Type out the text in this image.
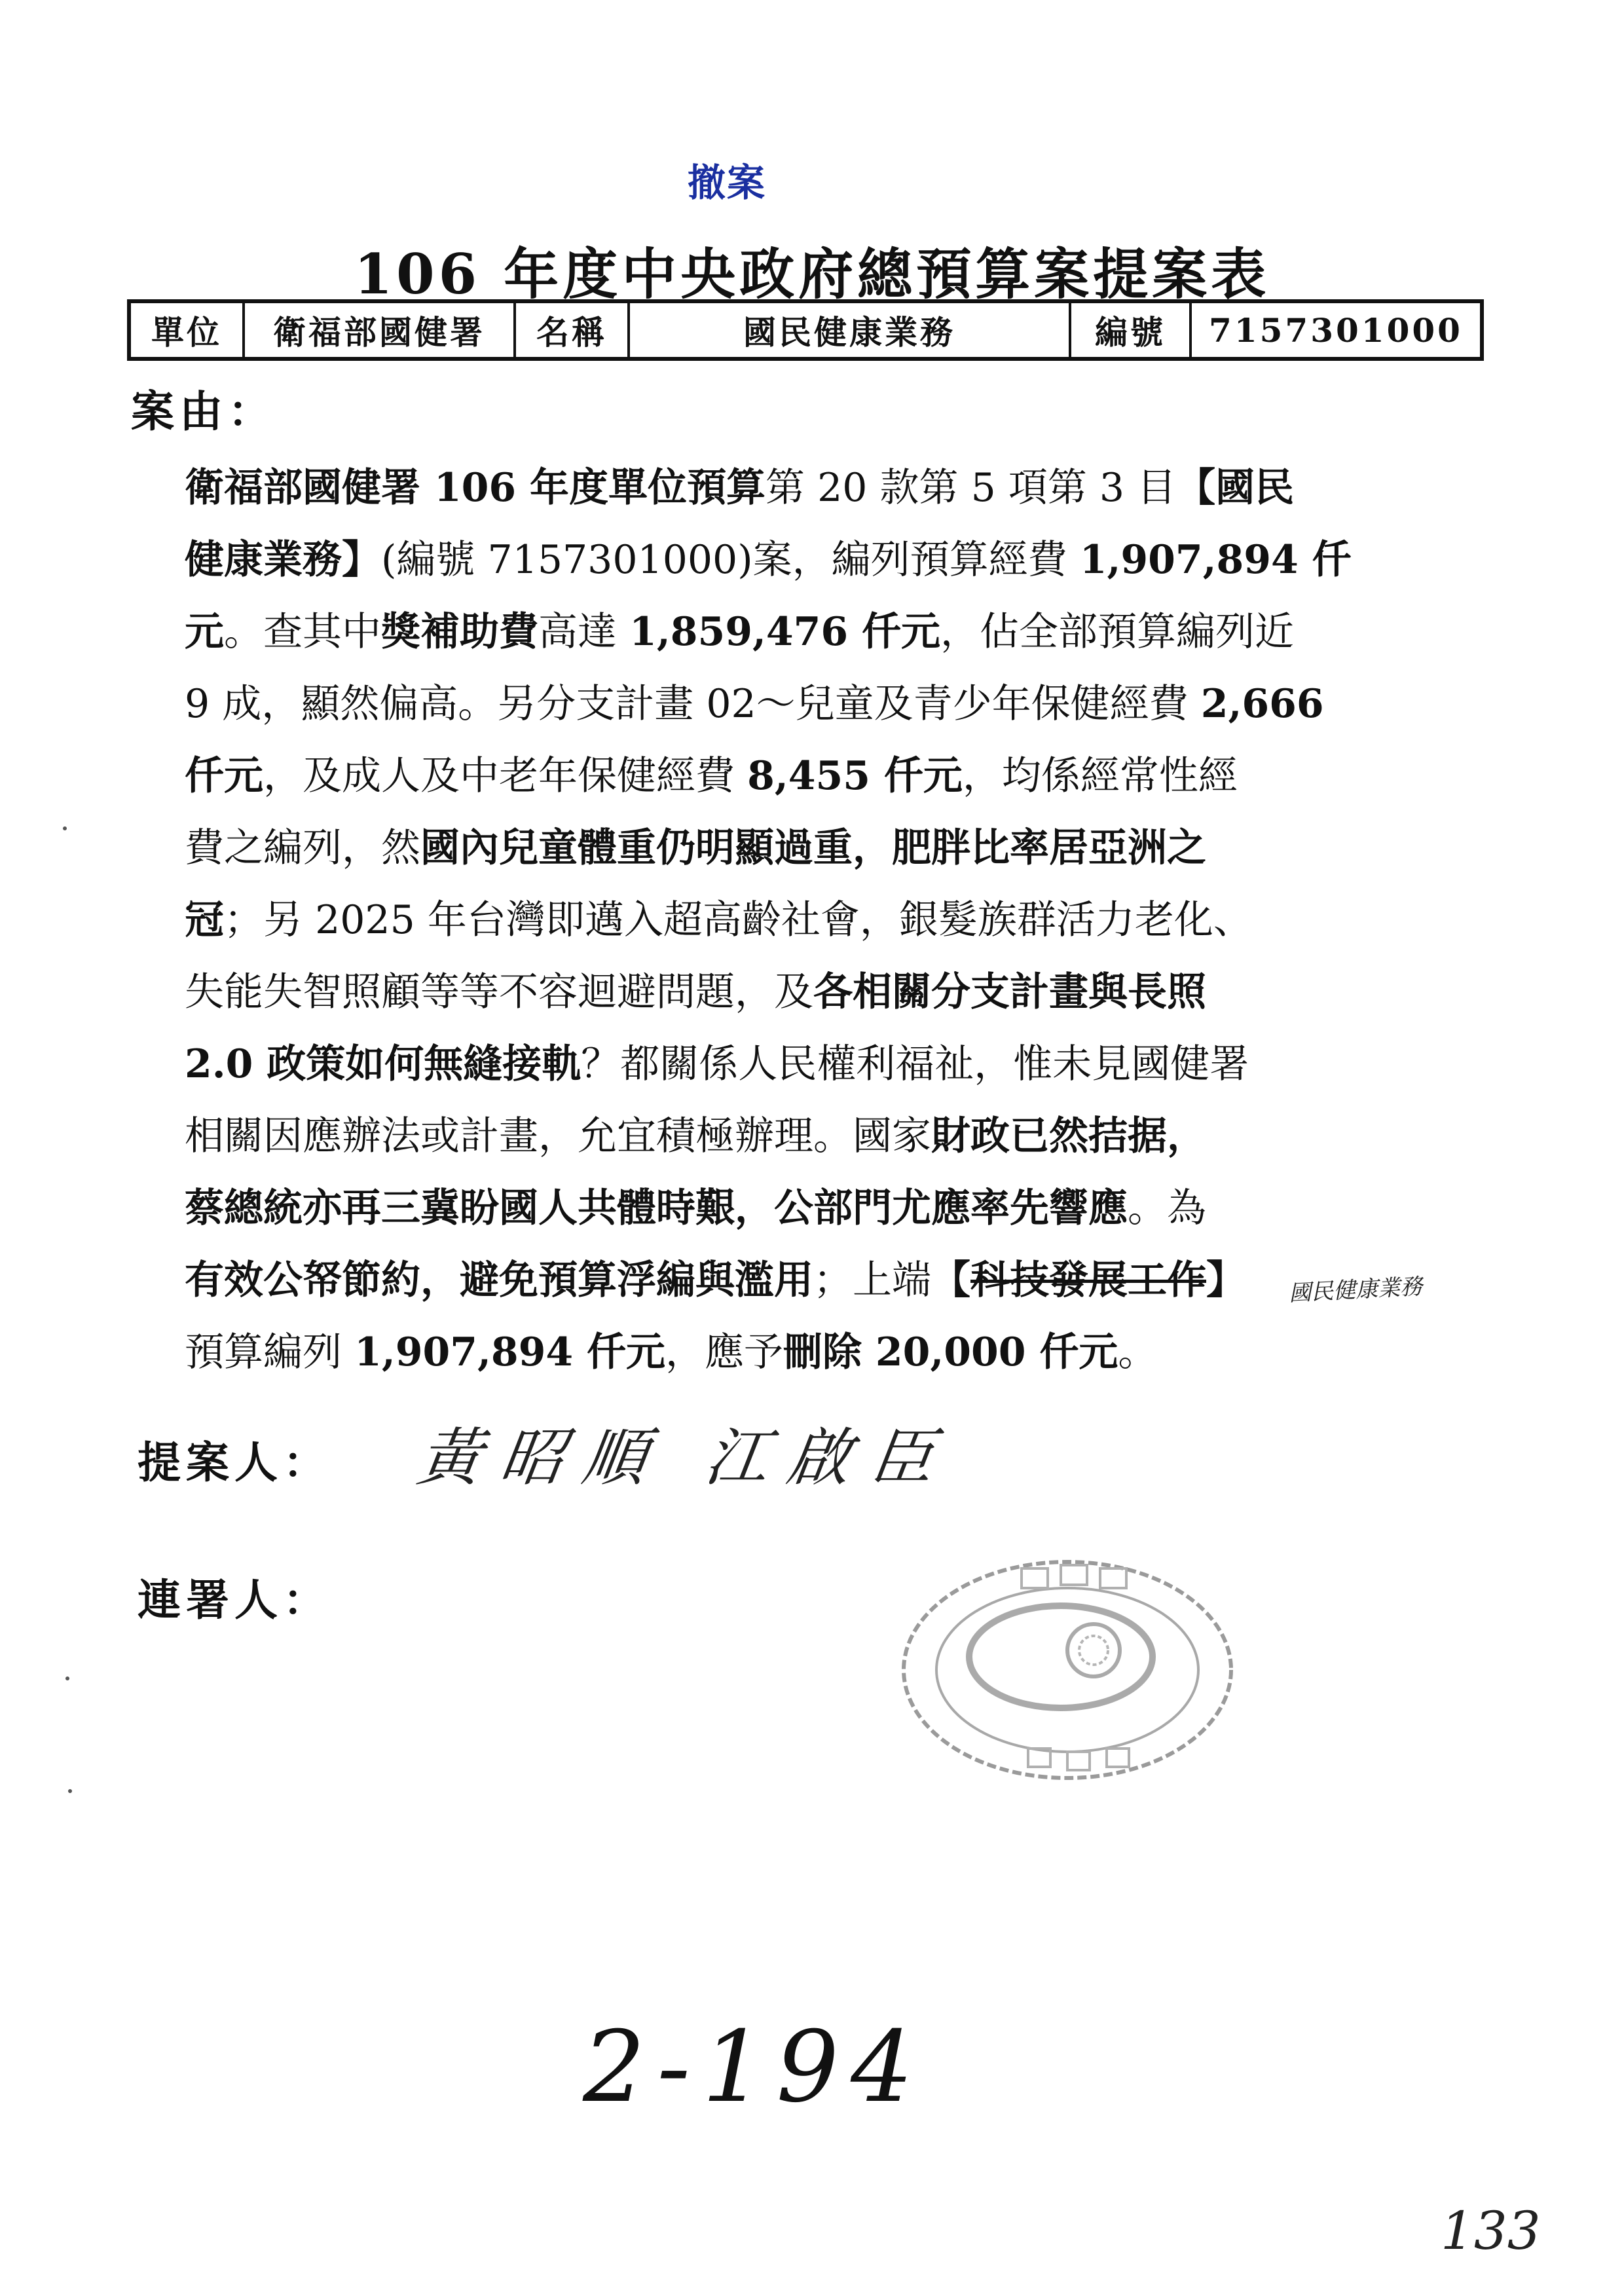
撤案
106 年度中央政府總預算案提案表
單位	衛福部國健署	名稱	國民健康業務	編號	7157301000
案由：
衛福部國健署 106 年度單位預算第 20 款第 5 項第 3 目【國民
健康業務】(編號 7157301000)案，編列預算經費 1,907,894 仟
元。查其中獎補助費高達 1,859,476 仟元，佔全部預算編列近
9 成，顯然偏高。另分支計畫 02～兒童及青少年保健經費 2,666
仟元，及成人及中老年保健經費 8,455 仟元，均係經常性經
費之編列，然國內兒童體重仍明顯過重，肥胖比率居亞洲之
冠；另 2025 年台灣即邁入超高齡社會，銀髮族群活力老化、
失能失智照顧等等不容迴避問題，及各相關分支計畫與長照
2.0 政策如何無縫接軌？都關係人民權利福祉，惟未見國健署
相關因應辦法或計畫，允宜積極辦理。國家財政已然拮据，
蔡總統亦再三冀盼國人共體時艱，公部門尤應率先響應。為
有效公帑節約，避免預算浮編與濫用；上端【科技發展工作】
預算編列 1,907,894 仟元，應予刪除 20,000 仟元。
國民健康業務
提案人： 黃昭順 江啟臣
連署人：
2-194
133
